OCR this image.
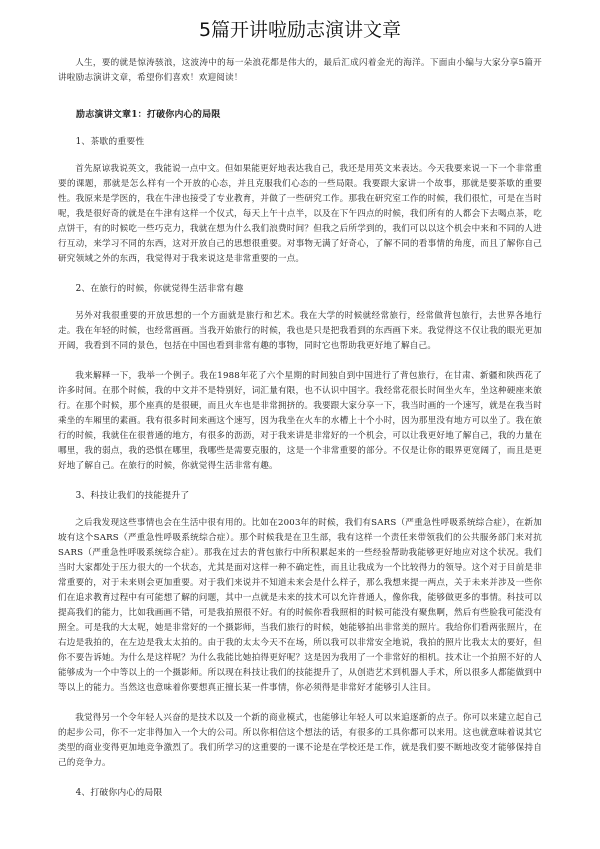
5篇开讲啦励志演讲文章

人生，要的就是惊涛骇浪，这波涛中的每一朵浪花都是伟大的，最后汇成闪着金光的海洋。下面由小编与大家分享5篇开讲啦励志演讲文章，希望你们喜欢！欢迎阅读！

励志演讲文章1：打破你内心的局限

1、茶歇的重要性

首先原谅我说英文，我能说一点中文。但如果能更好地表达我自己，我还是用英文来表达。今天我要来说一下一个非常重要的课题，那就是怎么样有一个开放的心态，并且克服我们心态的一些局限。我要跟大家讲一个故事，那就是要茶歇的重要性。我原来是学医的，我在牛津也接受了专业教育，并做了一些研究工作。那我在研究室工作的时候，我们很忙，可是在当时呢，我是很好奇的就是在牛津有这样一个仪式，每天上午十点半，以及在下午四点的时候，我们所有的人都会下去喝点茶，吃点饼干，有的时候吃一些巧克力，我就在想为什么我们浪费时间？但我之后所学到的，我们可以以这个机会中来和不同的人进行互动，来学习不同的东西，这对开放自己的思想很重要。对事物无满了好奇心，了解不同的看事情的角度，而且了解你自己研究领域之外的东西，我觉得对于我来说这是非常重要的一点。

2、在旅行的时候，你就觉得生活非常有趣

另外对我很重要的开放思想的一个方面就是旅行和艺术。我在大学的时候就经常旅行，经常做背包旅行，去世界各地行走。我在年轻的时候，也经常画画。当我开始旅行的时候，我也是只是把我看到的东西画下来。我觉得这不仅让我的眼光更加开阔，我看到不同的景色，包括在中国也看到非常有趣的事物，同时它也帮助我更好地了解自己。

我来解释一下，我举一个例子。我在1988年花了六个星期的时间独自到中国进行了背包旅行，在甘肃、新疆和陕西花了许多时间。在那个时候，我的中文并不是特别好，词汇量有限，也不认识中国字。我经常花很长时间坐火车，坐这种硬座来旅行。在那个时候，那个座真的是很硬，而且火车也是非常拥挤的。我要跟大家分享一下，我当时画的一个速写，就是在我当时乘坐的车厢里的素画。我有很多时间来画这个速写，因为我坐在火车的水槽上十个小时，因为那里没有地方可以坐了。我在旅行的时候，我就住在很普通的地方，有很多的沥沥，对于我来讲是非常好的一个机会，可以让我更好地了解自己，我的力量在哪里，我的弱点，我的恐惧在哪里，我哪些是需要克服的，这是一个非常重要的部分。不仅是让你的眼界更宽阔了，而且是更好地了解自己。在旅行的时候，你就觉得生活非常有趣。

3、科技让我们的技能提升了

之后我发现这些事情也会在生活中很有用的。比如在2003年的时候，我们有SARS（严重急性呼吸系统综合症），在新加坡有这个SARS（严重急性呼吸系统综合症）。那个时候我是在卫生部，我有这样一个责任来带领我们的公共服务部门来对抗SARS（严重急性呼吸系统综合症）。那我在过去的背包旅行中所积累起来的一些经验帮助我能够更好地应对这个状况。我们当时大家都处于压力很大的一个状态，尤其是面对这样一种不确定性，而且让我成为一个比较得力的领导。这个对于目前是非常重要的，对于未来则会更加重要。对于我们来说并不知道未来会是什么样子，那么我想来提一两点，关于未来并涉及一些你们在追求教育过程中有可能想了解的问题，其中一点就是未来的技术可以允许普通人，像你我，能够做更多的事情。科技可以提高我们的能力，比如我画画不错，可是我拍照很不好。有的时候你看我照相的时候可能没有聚焦啊，然后有些脸我可能没有照全。可是我的大太呢，她是非常好的一个摄影师，当我们旅行的时候，她能够拍出非常美的照片。我给你们看两张照片，在右边是我拍的，在左边是我太太拍的。由于我的太太今天不在场，所以我可以非常安全地说，我拍的照片比我太太的要好，但你不要告诉她。为什么是这样呢？为什么我能比她拍得更好呢？这是因为我用了一个非常好的相机。技术让一个拍照不好的人能够成为一个中等以上的一个摄影师。所以现在科技让我们的技能提升了，从创造艺术到机器人手术，所以很多人都能做到中等以上的能力。当然这也意味着你要想真正擅长某一件事情，你必须得是非常好才能够引人注目。

我觉得另一个令年轻人兴奋的是技术以及一个新的商业模式，也能够让年轻人可以来追逐新的点子。你可以来建立起自己的起步公司，你不一定非得加入一个大的公司。所以你相信这个想法的话，有很多的工具你都可以来用。这也就意味着说其它类型的商业变得更加地竞争激烈了。我们所学习的这重要的一课不论是在学校还是工作，就是我们要不断地改变才能够保持自己的竞争力。

4、打破你内心的局限
